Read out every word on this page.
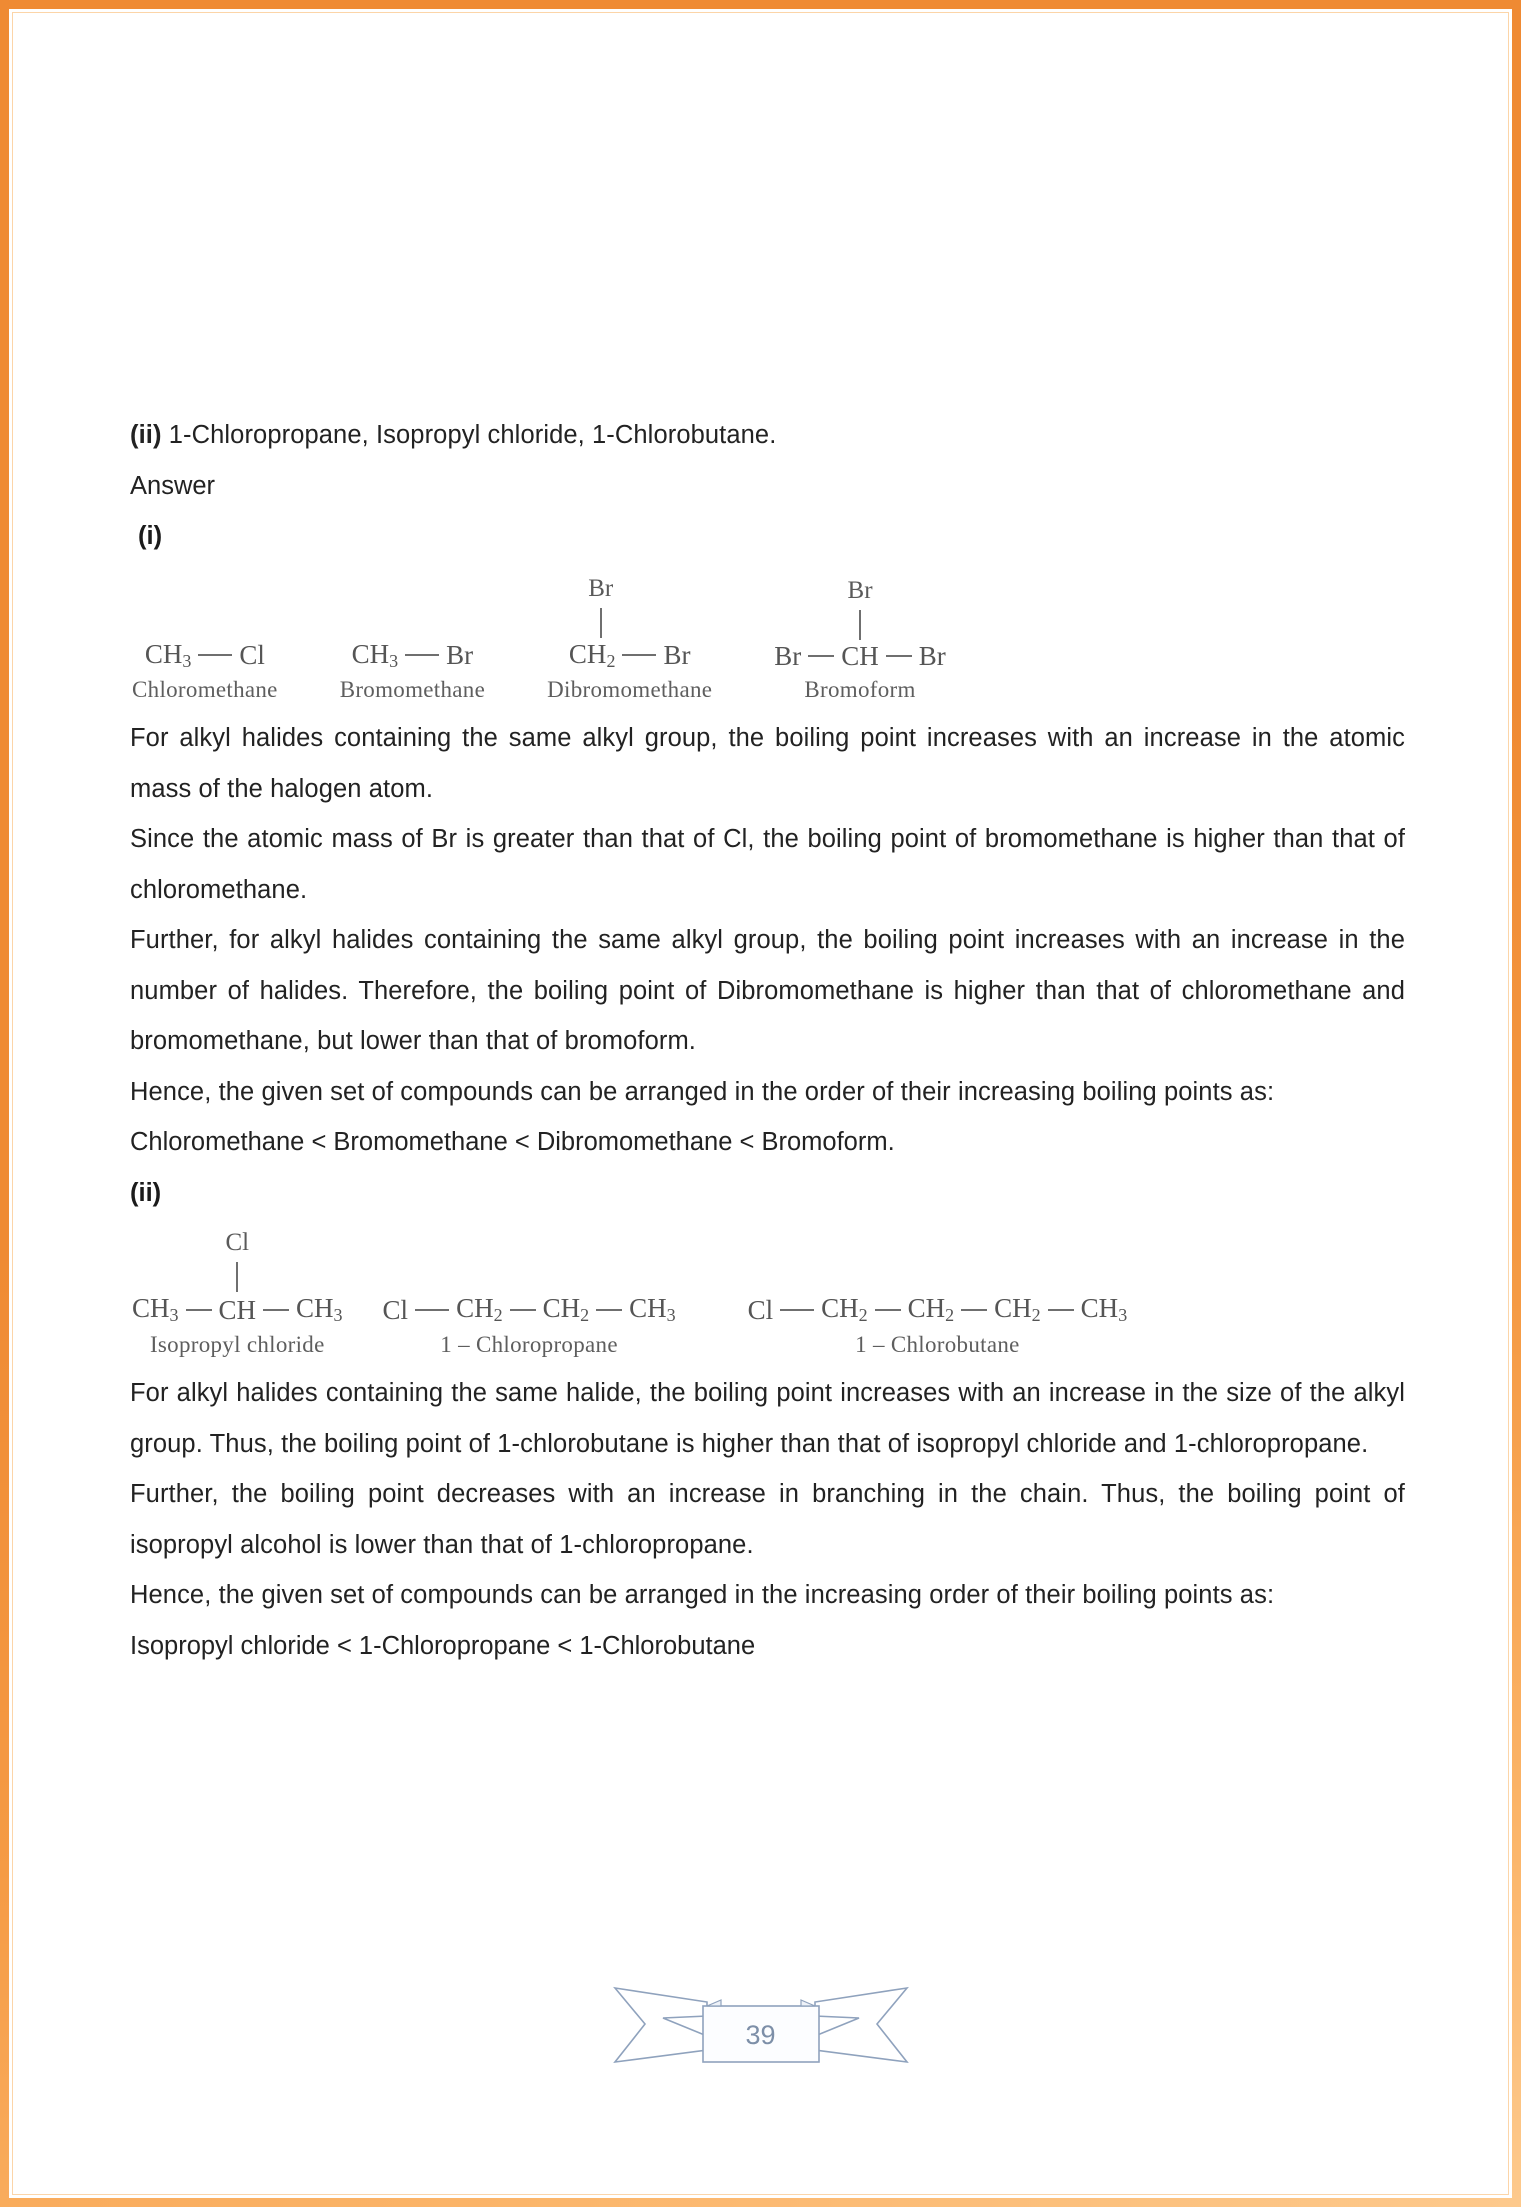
(ii) 1-Chloropropane, Isopropyl chloride, 1-Chlorobutane.
Answer
(i)
$CH_3$ Cl
Chloromethane
$CH_3$ Br
Bromomethane
Br
$CH_2$ Br
Dibromomethane
Br
Br CH Br
Bromoform

For alkyl halides containing the same alkyl group, the boiling point increases with an increase in the atomic mass of the halogen atom.

Since the atomic mass of Br is greater than that of Cl, the boiling point of bromomethane is higher than that of chloromethane.

Further, for alkyl halides containing the same alkyl group, the boiling point increases with an increase in the number of halides. Therefore, the boiling point of Dibromomethane is higher than that of chloromethane and bromomethane, but lower than that of bromoform.

Hence, the given set of compounds can be arranged in the order of their increasing boiling points as:

Chloromethane < Bromomethane < Dibromomethane < Bromoform.

(ii)
Cl
$CH_3$ CH $CH_3$
Isopropyl chloride
Cl $CH_2$ $CH_2$ $CH_3$
1 – Chloropropane
Cl $CH_2$ $CH_2$ $CH_2$ $CH_3$
1 – Chlorobutane

For alkyl halides containing the same halide, the boiling point increases with an increase in the size of the alkyl group. Thus, the boiling point of 1-chlorobutane is higher than that of isopropyl chloride and 1-chloropropane.

Further, the boiling point decreases with an increase in branching in the chain. Thus, the boiling point of isopropyl alcohol is lower than that of 1-chloropropane.

Hence, the given set of compounds can be arranged in the increasing order of their boiling points as:

Isopropyl chloride < 1-Chloropropane < 1-Chlorobutane

39
